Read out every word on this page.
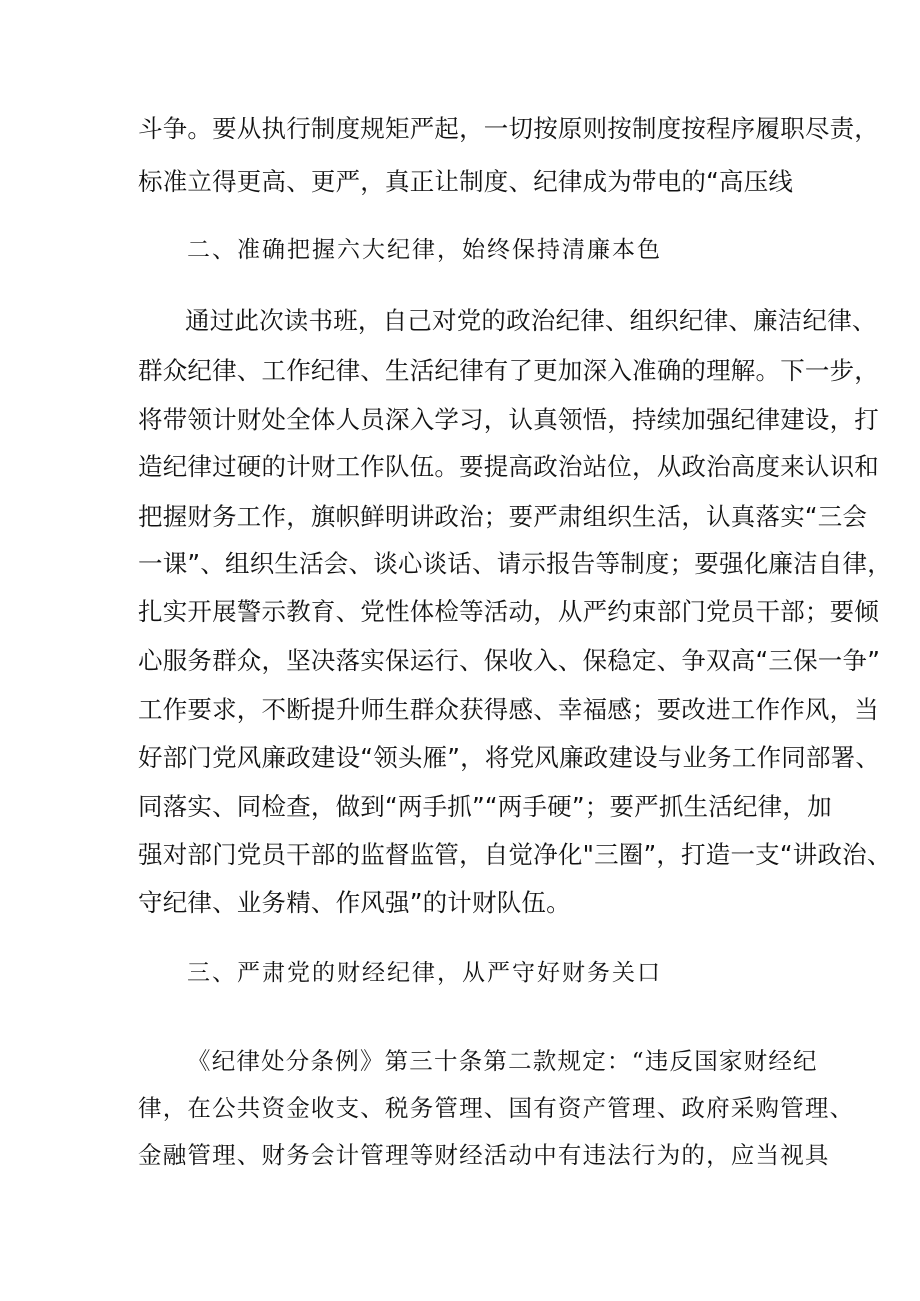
斗争。要从执行制度规矩严起，一切按原则按制度按程序履职尽责，
标准立得更高、更严，真正让制度、纪律成为带电的“高压线
二、准确把握六大纪律，始终保持清廉本色
通过此次读书班，自己对党的政治纪律、组织纪律、廉洁纪律、
群众纪律、工作纪律、生活纪律有了更加深入准确的理解。下一步，
将带领计财处全体人员深入学习，认真领悟，持续加强纪律建设，打
造纪律过硬的计财工作队伍。要提高政治站位，从政治高度来认识和
把握财务工作，旗帜鲜明讲政治；要严肃组织生活，认真落实“三会
一课”、组织生活会、谈心谈话、请示报告等制度；要强化廉洁自律，
扎实开展警示教育、党性体检等活动，从严约束部门党员干部；要倾
心服务群众，坚决落实保运行、保收入、保稳定、争双高“三保一争”
工作要求，不断提升师生群众获得感、幸福感；要改进工作作风，当
好部门党风廉政建设“领头雁”，将党风廉政建设与业务工作同部署、
同落实、同检查，做到“两手抓”“两手硬”；要严抓生活纪律，加
强对部门党员干部的监督监管，自觉净化"三圈”，打造一支“讲政治、
守纪律、业务精、作风强”的计财队伍。
三、严肃党的财经纪律，从严守好财务关口
《纪律处分条例》第三十条第二款规定：“违反国家财经纪
律，在公共资金收支、税务管理、国有资产管理、政府采购管理、
金融管理、财务会计管理等财经活动中有违法行为的，应当视具
